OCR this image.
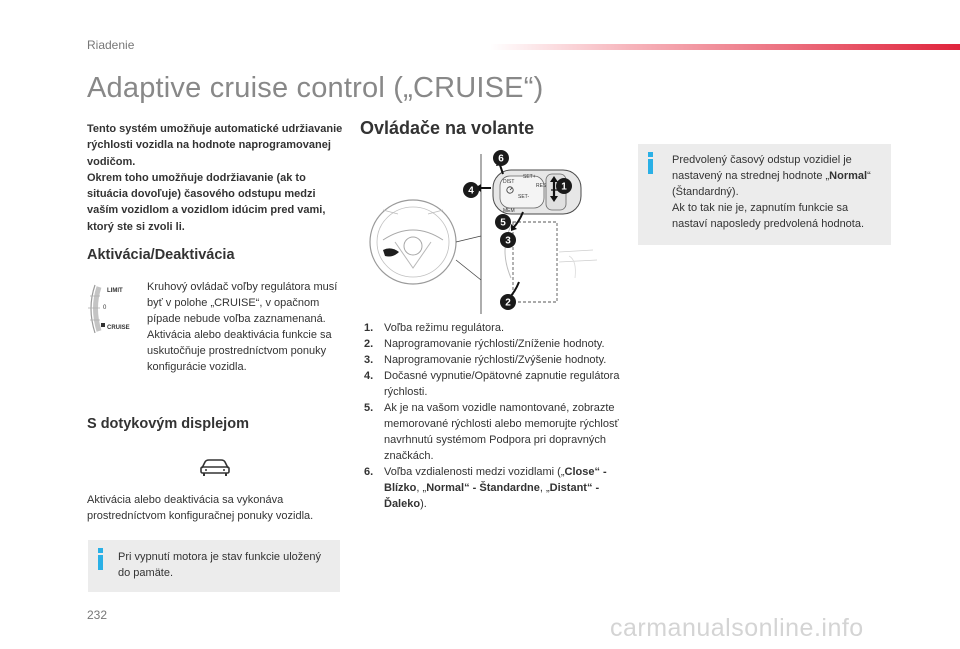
Riadenie
Adaptive cruise control („CRUISE“)
Tento systém umožňuje automatické udržiavanie rýchlosti vozidla na hodnote naprogramovanej vodičom.
Okrem toho umožňuje dodržiavanie (ak to situácia dovoľuje) časového odstupu medzi vaším vozidlom a vozidlom idúcim pred vami, ktorý ste si zvoli li.
Aktivácia/Deaktivácia
LIMIT
0
CRUISE
Kruhový ovládač voľby regulátora musí byť v polohe „CRUISE“, v opačnom pípade nebude voľba zaznamenaná.
Aktivácia alebo deaktivácia funkcie sa uskutočňuje prostredníctvom ponuky konfigurácie vozidla.
S dotykovým displejom
Aktivácia alebo deaktivácia sa vykonáva prostredníctvom konfiguračnej ponuky vozidla.

Pri vypnutí motora je stav funkcie uložený do pamäte.

Ovládače na volante
DIST
SET+
SET-
MEM
RES
6
4	1
5
3
2
1. Voľba režimu regulátora.
2. Naprogramovanie rýchlosti/Zníženie hodnoty.
3. Naprogramovanie rýchlosti/Zvýšenie hodnoty.
4. Dočasné vypnutie/Opätovné zapnutie regulátora rýchlosti.
5. Ak je na vašom vozidle namontované, zobrazte memorované rýchlosti alebo memorujte rýchlosť navrhnutú systémom Podpora pri dopravných značkách.
6. Voľba vzdialenosti medzi vozidlami („Close“ - Blízko, „Normal“ - Štandardne, „Distant“ - Ďaleko).

Predvolený časový odstup vozidiel je nastavený na strednej hodnote „Normal“ (Štandardný).
Ak to tak nie je, zapnutím funkcie sa nastaví naposledy predvolená hodnota.

232	carmanualsonline.info
